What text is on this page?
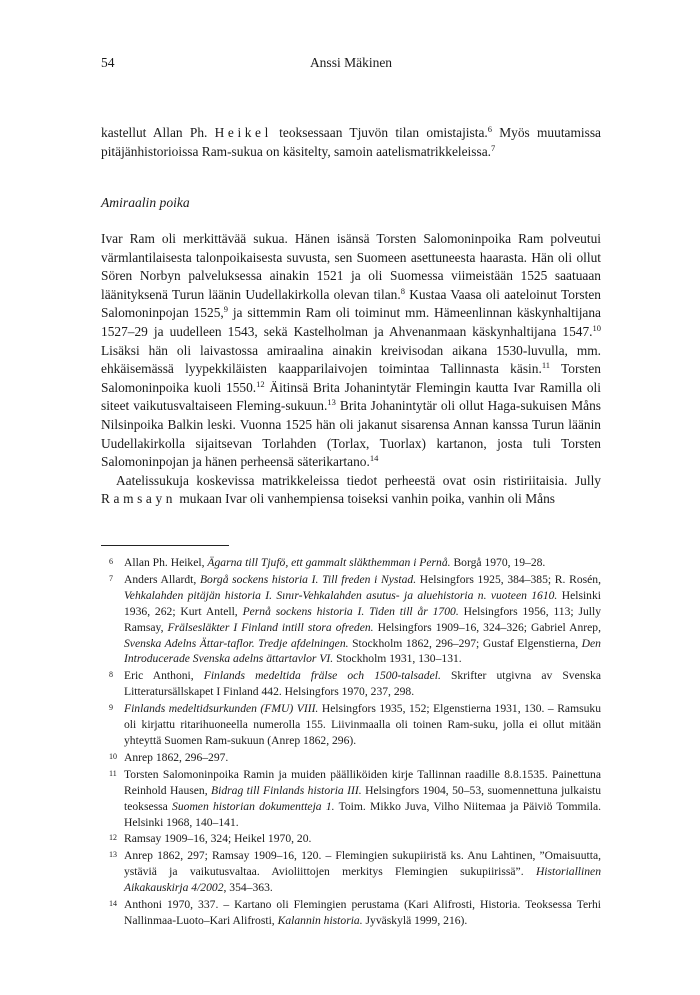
54	Anssi Mäkinen

kastellut Allan Ph. Heikel teoksessaan Tjuvön tilan omistajista.$^6$ Myös muutamissa pitäjänhistorioissa Ram-sukua on käsitelty, samoin aatelismatrikkeleissa.$^7$

Amiraalin poika

Ivar Ram oli merkittävää sukua. Hänen isänsä Torsten Salomoninpoika Ram polveutui värmlantilaisesta talonpoikaisesta suvusta, sen Suomeen asettuneesta haarasta. Hän oli ollut Sören Norbyn palveluksessa ainakin 1521 ja oli Suomessa viimeistään 1525 saatuaan läänityksenä Turun läänin Uudellakirkolla olevan tilan.$^8$ Kustaa Vaasa oli aateloinut Torsten Salomoninpojan 1525,$^9$ ja sittemmin Ram oli toiminut mm. Hämeenlinnan käskynhaltijana 1527–29 ja uudelleen 1543, sekä Kastelholman ja Ahvenanmaan käskynhaltijana 1547.10 Lisäksi hän oli laivastossa amiraalina ainakin kreivisodan aikana 1530-luvulla, mm. ehkäisemässä lyypekkiläisten kaapparilaivojen toimintaa Tallinnasta käsin.$^{11}$ Torsten Salomoninpoika kuoli 1550.12 Äitinsä Brita Johanintytär Flemingin kautta Ivar Ramilla oli siteet vaikutusvaltaiseen Fleming-sukuun.$^{13}$ Brita Johanintytär oli ollut Haga-sukuisen Måns Nilsinpoika Balkin leski. Vuonna 1525 hän oli jakanut sisarensa Annan kanssa Turun läänin Uudellakirkolla sijaitsevan Torlahden (Torlax, Tuorlax) kartanon, josta tuli Torsten Salomoninpojan ja hänen perheensä säterikartano.$^{14}$

Aatelissukuja koskevissa matrikkeleissa tiedot perheestä ovat osin ristiriitaisia. Jully Ramsayn mukaan Ivar oli vanhempiensa toiseksi vanhin poika, vanhin oli Måns

6 Allan Ph. Heikel, Ägarna till Tjufö, ett gammalt släkthemman i Pernå. Borgå 1970, 19–28.
7 Anders Allardt, Borgå sockens historia I. Till freden i Nystad. Helsingfors 1925, 384–385; R. Rosén, Vehkalahden pitäjän historia I. Sınır-Vehkalahden asutus- ja aluehistoria n. vuoteen 1610. Helsinki 1936, 262; Kurt Antell, Pernå sockens historia I. Tiden till år 1700. Helsingfors 1956, 113; Jully Ramsay, Frälsesläkter I Finland intill stora ofreden. Helsingfors 1909–16, 324–326; Gabriel Anrep, Svenska Adelns Ättar-taflor. Tredje afdelningen. Stockholm 1862, 296–297; Gustaf Elgenstierna, Den Introducerade Svenska adelns ättartavlor VI. Stockholm 1931, 130–131.
8 Eric Anthoni, Finlands medeltida frälse och 1500-talsadel. Skrifter utgivna av Svenska Litteratursällskapet I Finland 442. Helsingfors 1970, 237, 298.
9 Finlands medeltidsurkunden (FMU) VIII. Helsingfors 1935, 152; Elgenstierna 1931, 130. – Ramsuku oli kirjattu ritarihuoneella numerolla 155. Liivinmaalla oli toinen Ram-suku, jolla ei ollut mitään yhteyttä Suomen Ram-sukuun (Anrep 1862, 296).
10 Anrep 1862, 296–297.
11 Torsten Salomoninpoika Ramin ja muiden päälliköiden kirje Tallinnan raadille 8.8.1535. Painettuna Reinhold Hausen, Bidrag till Finlands historia III. Helsingfors 1904, 50–53, suomennettuna julkaistu teoksessa Suomen historian dokumentteja 1. Toim. Mikko Juva, Vilho Niitemaa ja Päiviö Tommila. Helsinki 1968, 140–141.
12 Ramsay 1909–16, 324; Heikel 1970, 20.
13 Anrep 1862, 297; Ramsay 1909–16, 120. – Flemingien sukupiiristä ks. Anu Lahtinen, ”Omaisuutta, ystäviä ja vaikutusvaltaa. Avioliittojen merkitys Flemingien sukupiirissä”. Historiallinen Aikakauskirja 4/2002, 354–363.
14 Anthoni 1970, 337. – Kartano oli Flemingien perustama (Kari Alifrosti, Historia. Teoksessa Terhi Nallinmaa-Luoto–Kari Alifrosti, Kalannin historia. Jyväskylä 1999, 216).
